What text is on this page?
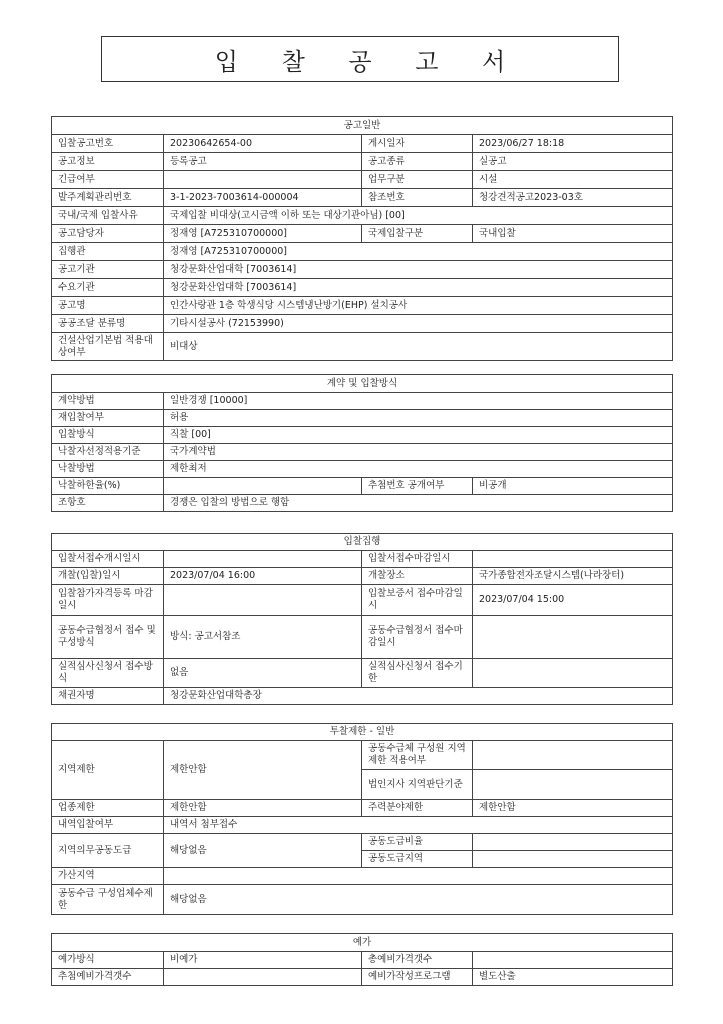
입 찰 공 고 서
공고일반			
입찰공고번호	20230642654-00	게시일자	2023/06/27 18:18
공고정보	등록공고	공고종류	실공고
긴급여부		업무구분	시설
발주계획관리번호	3-1-2023-7003614-000004	참조번호	청강견적공고2023-03호
국내/국제 입찰사유	국제입찰 비대상(고시금액 이하 또는 대상기관아님) [00]		
공고담당자	정재영 [A725310700000]	국제입찰구분	국내입찰
집행관	정재영 [A725310700000]		
공고기관	청강문화산업대학 [7003614]		
수요기관	청강문화산업대학 [7003614]		
공고명	인간사랑관 1층 학생식당 시스템냉난방기(EHP) 설치공사		
공공조달 분류명	기타시설공사 (72153990)		
건설산업기본법 적용대상여부	비대상		
계약 및 입찰방식			
계약방법	일반경쟁 [10000]		
재입찰여부	허용		
입찰방식	직찰 [00]		
낙찰자선정적용기준	국가계약법		
낙찰방법	제한최저		
낙찰하한율(%)		추첨번호 공개여부	비공개
조항호	경쟁은 입찰의 방법으로 행함		
입찰집행			
입찰서접수개시일시		입찰서접수마감일시	
개찰(입찰)일시	2023/07/04 16:00	개찰장소	국가종합전자조달시스템(나라장터)
입찰참가자격등록 마감일시		입찰보증서 접수마감일시	2023/07/04 15:00
공동수급협정서 접수 및 구성방식	방식: 공고서참조	공동수급협정서 접수마감일시	
실적심사신청서 접수방식	없음	실적심사신청서 접수기한	
채권자명	청강문화산업대학총장		
투찰제한 - 일반			
지역제한	제한안함	공동수급체 구성원 지역제한 적용여부	
		법인지사 지역판단기준	
업종제한	제한안함	주력분야제한	제한안함
내역입찰여부	내역서 첨부접수		
지역의무공동도급	해당없음	공동도급비율	
		공동도급지역	
가산지역			
공동수급 구성업체수제한	해당없음		
예가			
예가방식	비예가	총예비가격갯수	
추첨예비가격갯수		예비가작성프로그램	별도산출
